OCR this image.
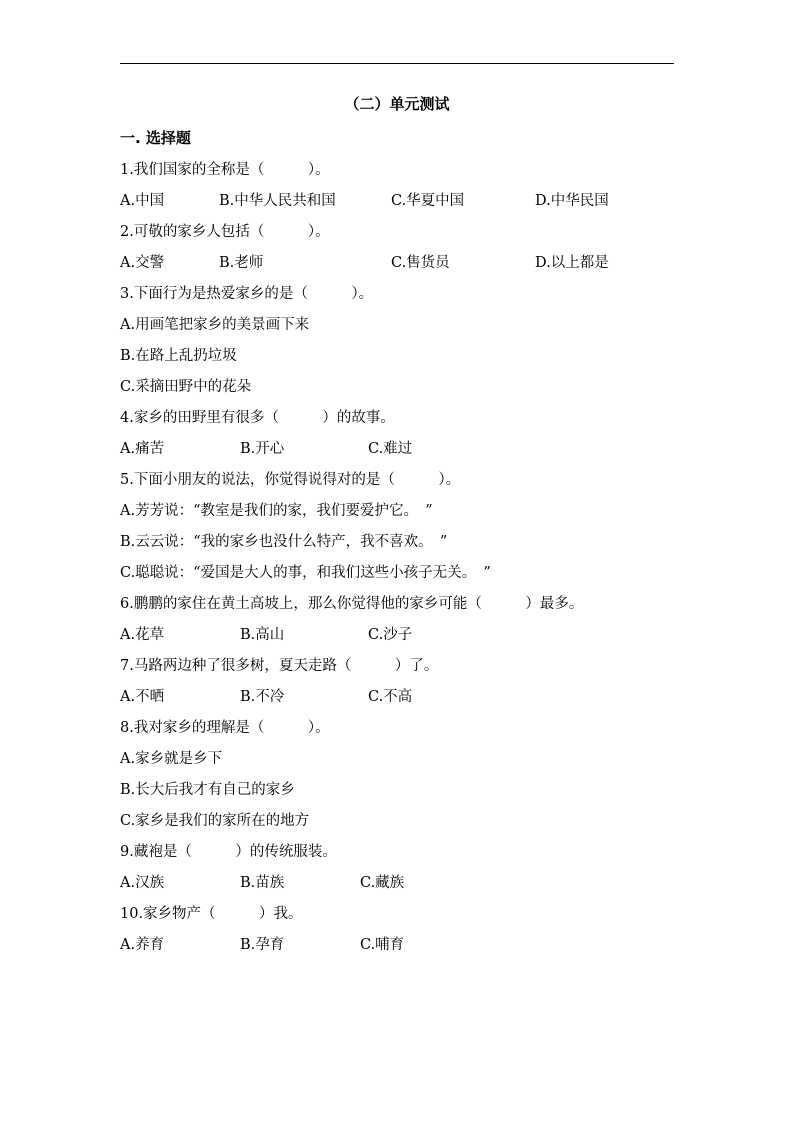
（二）单元测试
一. 选择题
1.我们国家的全称是（　　　）。
A.中国	B.中华人民共和国	C.华夏中国	D.中华民国
2.可敬的家乡人包括（　　　）。
A.交警	B.老师	C.售货员	D.以上都是
3.下面行为是热爱家乡的是（　　　）。
A.用画笔把家乡的美景画下来
B.在路上乱扔垃圾
C.采摘田野中的花朵
4.家乡的田野里有很多（　　　）的故事。
A.痛苦	B.开心	C.难过
5.下面小朋友的说法，你觉得说得对的是（　　　）。
A.芳芳说：“教室是我们的家，我们要爱护它。　”
B.云云说：“我的家乡也没什么特产，我不喜欢。　”
C.聪聪说：“爱国是大人的事，和我们这些小孩子无关。　”
6.鹏鹏的家住在黄土高坡上，那么你觉得他的家乡可能（　　　）最多。
A.花草	B.高山	C.沙子
7.马路两边种了很多树，夏天走路（　　　）了。
A.不晒	B.不冷	C.不高
8.我对家乡的理解是（　　　）。
A.家乡就是乡下
B.长大后我才有自己的家乡
C.家乡是我们的家所在的地方
9.藏袍是（　　　）的传统服装。
A.汉族	B.苗族	C.藏族
10.家乡物产（　　　）我。
A.养育	B.孕育	C.哺育
